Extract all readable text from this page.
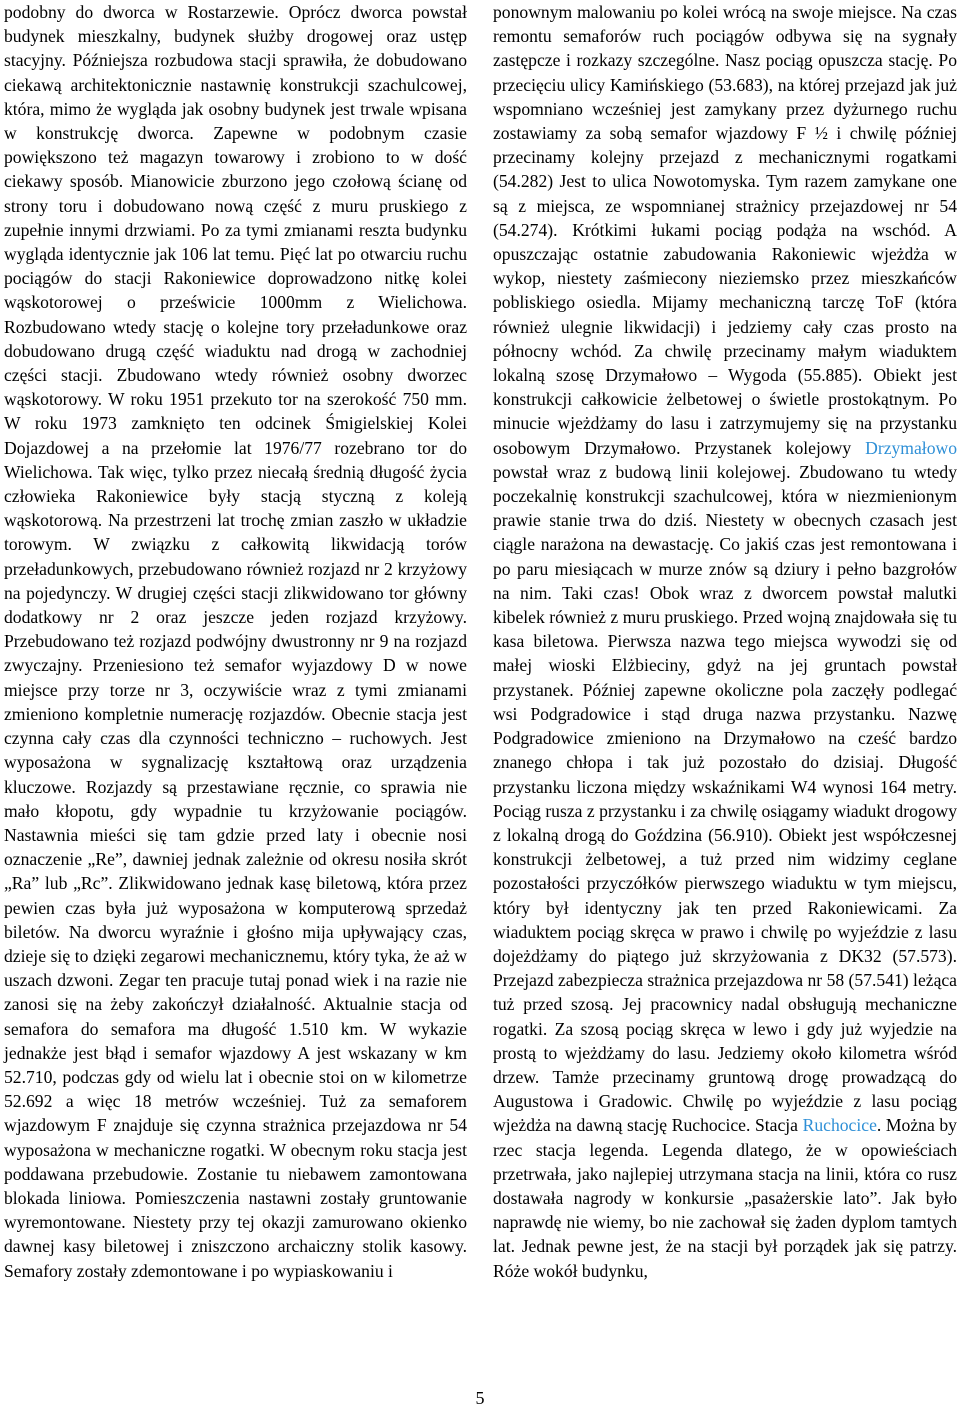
podobny do dworca w Rostarzewie. Oprócz dworca powstał budynek mieszkalny, budynek służby drogowej oraz ustęp stacyjny. Późniejsza rozbudowa stacji sprawiła, że dobudowano ciekawą architektonicznie nastawnię konstrukcji szachulcowej, która, mimo że wygląda jak osobny budynek jest trwale wpisana w konstrukcję dworca. Zapewne w podobnym czasie powiększono też magazyn towarowy i zrobiono to w dość ciekawy sposób. Mianowicie zburzono jego czołową ścianę od strony toru i dobudowano nową część z muru pruskiego z zupełnie innymi drzwiami. Po za tymi zmianami reszta budynku wygląda identycznie jak 106 lat temu. Pięć lat po otwarciu ruchu pociągów do stacji Rakoniewice doprowadzono nitkę kolei wąskotorowej o prześwicie 1000mm z Wielichowa. Rozbudowano wtedy stację o kolejne tory przeładunkowe oraz dobudowano drugą część wiaduktu nad drogą w zachodniej części stacji. Zbudowano wtedy również osobny dworzec wąskotorowy. W roku 1951 przekuto tor na szerokość 750 mm. W roku 1973 zamknięto ten odcinek Śmigielskiej Kolei Dojazdowej a na przełomie lat 1976/77 rozebrano tor do Wielichowa. Tak więc, tylko przez niecałą średnią długość życia człowieka Rakoniewice były stacją styczną z koleją wąskotorową. Na przestrzeni lat trochę zmian zaszło w układzie torowym. W związku z całkowitą likwidacją torów przeładunkowych, przebudowano również rozjazd nr 2 krzyżowy na pojedynczy. W drugiej części stacji zlikwidowano tor główny dodatkowy nr 2 oraz jeszcze jeden rozjazd krzyżowy. Przebudowano też rozjazd podwójny dwustronny nr 9 na rozjazd zwyczajny. Przeniesiono też semafor wyjazdowy D w nowe miejsce przy torze nr 3, oczywiście wraz z tymi zmianami zmieniono kompletnie numerację rozjazdów. Obecnie stacja jest czynna cały czas dla czynności techniczno – ruchowych. Jest wyposażona w sygnalizację kształtową oraz urządzenia kluczowe. Rozjazdy są przestawiane ręcznie, co sprawia nie mało kłopotu, gdy wypadnie tu krzyżowanie pociągów. Nastawnia mieści się tam gdzie przed laty i obecnie nosi oznaczenie „Re”, dawniej jednak zależnie od okresu nosiła skrót „Ra” lub „Rc”. Zlikwidowano jednak kasę biletową, która przez pewien czas była już wyposażona w komputerową sprzedaż biletów. Na dworcu wyraźnie i głośno mija upływający czas, dzieje się to dzięki zegarowi mechanicznemu, który tyka, że aż w uszach dzwoni. Zegar ten pracuje tutaj ponad wiek i na razie nie zanosi się na żeby zakończył działalność. Aktualnie stacja od semafora do semafora ma długość 1.510 km. W wykazie jednakże jest błąd i semafor wjazdowy A jest wskazany w km 52.710, podczas gdy od wielu lat i obecnie stoi on w kilometrze 52.692 a więc 18 metrów wcześniej. Tuż za semaforem wjazdowym F znajduje się czynna strażnica przejazdowa nr 54 wyposażona w mechaniczne rogatki. W obecnym roku stacja jest poddawana przebudowie. Zostanie tu niebawem zamontowana blokada liniowa. Pomieszczenia nastawni zostały gruntowanie wyremontowane. Niestety przy tej okazji zamurowano okienko dawnej kasy biletowej i zniszczono archaiczny stolik kasowy. Semafory zostały zdemontowane i po wypiaskowaniu i

ponownym malowaniu po kolei wrócą na swoje miejsce. Na czas remontu semaforów ruch pociągów odbywa się na sygnały zastępcze i rozkazy szczególne. Nasz pociąg opuszcza stację. Po przecięciu ulicy Kamińskiego (53.683), na której przejazd jak już wspomniano wcześniej jest zamykany przez dyżurnego ruchu zostawiamy za sobą semafor wjazdowy F ½ i chwilę później przecinamy kolejny przejazd z mechanicznymi rogatkami (54.282) Jest to ulica Nowotomyska. Tym razem zamykane one są z miejsca, ze wspomnianej strażnicy przejazdowej nr 54 (54.274). Krótkimi łukami pociąg podąża na wschód. A opuszczając ostatnie zabudowania Rakoniewic wjeżdża w wykop, niestety zaśmiecony nieziemsko przez mieszkańców pobliskiego osiedla. Mijamy mechaniczną tarczę ToF (która również ulegnie likwidacji) i jedziemy cały czas prosto na północny wchód. Za chwilę przecinamy małym wiaduktem lokalną szosę Drzymałowo – Wygoda (55.885). Obiekt jest konstrukcji całkowicie żelbetowej o świetle prostokątnym. Po minucie wjeżdżamy do lasu i zatrzymujemy się na przystanku osobowym Drzymałowo. Przystanek kolejowy Drzymałowo powstał wraz z budową linii kolejowej. Zbudowano tu wtedy poczekalnię konstrukcji szachulcowej, która w niezmienionym prawie stanie trwa do dziś. Niestety w obecnych czasach jest ciągle narażona na dewastację. Co jakiś czas jest remontowana i po paru miesiącach w murze znów są dziury i pełno bazgrołów na nim. Taki czas! Obok wraz z dworcem powstał malutki kibelek również z muru pruskiego. Przed wojną znajdowała się tu kasa biletowa. Pierwsza nazwa tego miejsca wywodzi się od małej wioski Elżbieciny, gdyż na jej gruntach powstał przystanek. Później zapewne okoliczne pola zaczęły podlegać wsi Podgradowice i stąd druga nazwa przystanku. Nazwę Podgradowice zmieniono na Drzymałowo na cześć bardzo znanego chłopa i tak już pozostało do dzisiaj. Długość przystanku liczona między wskaźnikami W4 wynosi 164 metry. Pociąg rusza z przystanku i za chwilę osiągamy wiadukt drogowy z lokalną drogą do Goździna (56.910). Obiekt jest współczesnej konstrukcji żelbetowej, a tuż przed nim widzimy ceglane pozostałości przyczółków pierwszego wiaduktu w tym miejscu, który był identyczny jak ten przed Rakoniewicami. Za wiaduktem pociąg skręca w prawo i chwilę po wyjeździe z lasu dojeżdżamy do piątego już skrzyżowania z DK32 (57.573). Przejazd zabezpiecza strażnica przejazdowa nr 58 (57.541) leżąca tuż przed szosą. Jej pracownicy nadal obsługują mechaniczne rogatki. Za szosą pociąg skręca w lewo i gdy już wyjedzie na prostą to wjeżdżamy do lasu. Jedziemy około kilometra wśród drzew. Tamże przecinamy gruntową drogę prowadzącą do Augustowa i Gradowic. Chwilę po wyjeździe z lasu pociąg wjeżdża na dawną stację Ruchocice. Stacja Ruchocice. Można by rzec stacja legenda. Legenda dlatego, że w opowieściach przetrwała, jako najlepiej utrzymana stacja na linii, która co rusz dostawała nagrody w konkursie „pasażerskie lato”. Jak było naprawdę nie wiemy, bo nie zachował się żaden dyplom tamtych lat. Jednak pewne jest, że na stacji był porządek jak się patrzy. Róże wokół budynku,

5
